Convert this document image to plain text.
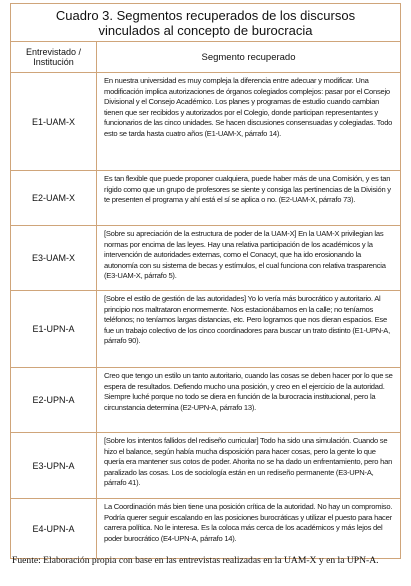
Cuadro 3. Segmentos recuperados de los discursos vinculados al concepto de burocracia
Entrevistado / Institución	Segmento recuperado
E1-UAM-X
En nuestra universidad es muy compleja la diferencia entre adecuar y modificar. Una modificación implica autorizaciones de órganos colegiados complejos: pasar por el Consejo Divisional y el Consejo Académico. Los planes y programas de estudio cuando cambian tienen que ser recibidos y autorizados por el Colegio, donde participan representantes y funcionarios de las cinco unidades. Se hacen discusiones consensuadas y colegiadas. Todo esto se tarda hasta cuatro años (E1-UAM-X, párrafo 14).
E2-UAM-X
Es tan flexible que puede proponer cualquiera, puede haber más de una Comisión, y es tan rígido como que un grupo de profesores se siente y consiga las pertinencias de la División y te presenten el programa y ahí está el sí se aplica o no. (E2-UAM-X, párrafo 73).
E3-UAM-X
[Sobre su apreciación de la estructura de poder de la UAM-X] En la UAM-X privilegian las normas por encima de las leyes. Hay una relativa participación de los académicos y la intervención de autoridades externas, como el Conacyt, que ha ido erosionando la autonomía con su sistema de becas y estímulos, el cual funciona con relativa trasparencia (E3-UAM-X, párrafo 5).
E1-UPN-A
[Sobre el estilo de gestión de las autoridades] Yo lo vería más burocrático y autoritario. Al principio nos maltrataron enormemente. Nos estacionábamos en la calle; no teníamos teléfonos; no teníamos largas distancias, etc. Pero logramos que nos dieran espacios. Ese fue un trabajo colectivo de los cinco coordinadores para buscar un trato distinto (E1-UPN-A, párrafo 90).
E2-UPN-A
Creo que tengo un estilo un tanto autoritario, cuando las cosas se deben hacer por lo que se espera de resultados. Defiendo mucho una posición, y creo en el ejercicio de la autoridad. Siempre luché porque no todo se diera en función de la burocracia institucional, pero la circunstancia determina (E2-UPN-A, párrafo 13).
E3-UPN-A
[Sobre los intentos fallidos del rediseño curricular] Todo ha sido una simulación. Cuando se hizo el balance, según había mucha disposición para hacer cosas, pero la gente lo que quería era mantener sus cotos de poder. Ahorita no se ha dado un enfrentamiento, pero han paralizado las cosas. Los de sociología están en un rediseño permanente (E3-UPN-A, párrafo 41).
E4-UPN-A
La Coordinación más bien tiene una posición crítica de la autoridad. No hay un compromiso. Podría querer seguir escalando en las posiciones burocráticas y utilizar el puesto para hacer carrera política. No le interesa. Es la coloca más cerca de los académicos y más lejos del poder burocrático (E4-UPN-A, párrafo 14).
Fuente: Elaboración propia con base en las entrevistas realizadas en la UAM-X y en la UPN-A.
